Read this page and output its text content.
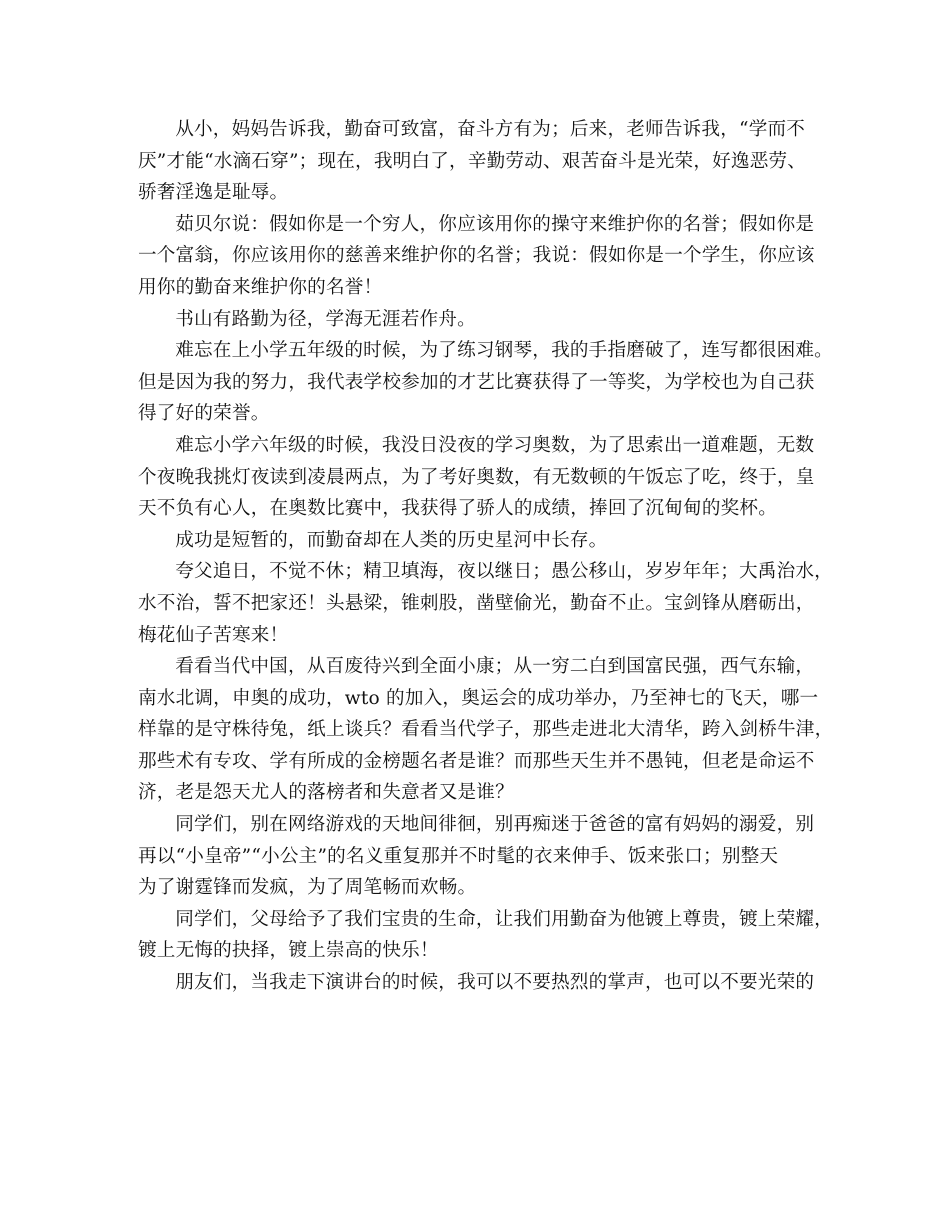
从小，妈妈告诉我，勤奋可致富，奋斗方有为；后来，老师告诉我，“学而不
厌”才能“水滴石穿”；现在，我明白了，辛勤劳动、艰苦奋斗是光荣，好逸恶劳、
骄奢淫逸是耻辱。

茹贝尔说：假如你是一个穷人，你应该用你的操守来维护你的名誉；假如你是
一个富翁，你应该用你的慈善来维护你的名誉；我说：假如你是一个学生，你应该
用你的勤奋来维护你的名誉！

书山有路勤为径，学海无涯若作舟。

难忘在上小学五年级的时候，为了练习钢琴，我的手指磨破了，连写都很困难。
但是因为我的努力，我代表学校参加的才艺比赛获得了一等奖，为学校也为自己获
得了好的荣誉。

难忘小学六年级的时候，我没日没夜的学习奥数，为了思索出一道难题，无数
个夜晚我挑灯夜读到凌晨两点，为了考好奥数，有无数顿的午饭忘了吃，终于，皇
天不负有心人，在奥数比赛中，我获得了骄人的成绩，捧回了沉甸甸的奖杯。

成功是短暂的，而勤奋却在人类的历史星河中长存。

夸父追日，不觉不休；精卫填海，夜以继日；愚公移山，岁岁年年；大禹治水，
水不治，誓不把家还！头悬梁，锥刺股，凿壁偷光，勤奋不止。宝剑锋从磨砺出，
梅花仙子苦寒来！

看看当代中国，从百废待兴到全面小康；从一穷二白到国富民强，西气东输，
南水北调，申奥的成功，wto 的加入，奥运会的成功举办，乃至神七的飞天，哪一
样靠的是守株待兔，纸上谈兵？看看当代学子，那些走进北大清华，跨入剑桥牛津，
那些术有专攻、学有所成的金榜题名者是谁？而那些天生并不愚钝，但老是命运不
济，老是怨天尤人的落榜者和失意者又是谁？

同学们，别在网络游戏的天地间徘徊，别再痴迷于爸爸的富有妈妈的溺爱，别
再以“小皇帝”“小公主”的名义重复那并不时髦的衣来伸手、饭来张口；别整天
为了谢霆锋而发疯，为了周笔畅而欢畅。

同学们，父母给予了我们宝贵的生命，让我们用勤奋为他镀上尊贵，镀上荣耀，
镀上无悔的抉择，镀上崇高的快乐！

朋友们，当我走下演讲台的时候，我可以不要热烈的掌声，也可以不要光荣的
